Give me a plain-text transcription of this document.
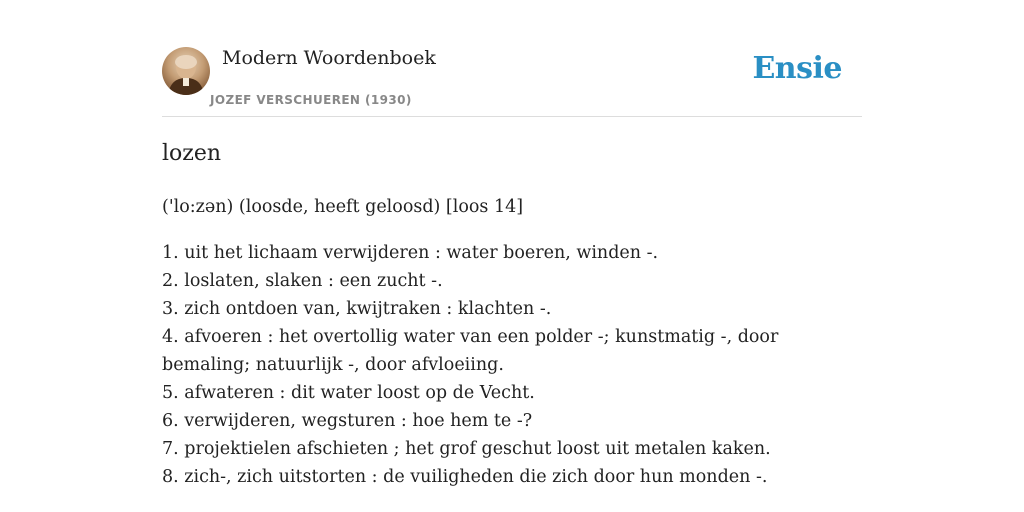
Modern Woordenboek
JOZEF VERSCHUEREN (1930)
Ensie
lozen
('lo:zən) (loosde, heeft geloosd) [loos 14]
1. uit het lichaam verwijderen : water boeren, winden -.
2. loslaten, slaken : een zucht -.
3. zich ontdoen van, kwijtraken : klachten -.
4. afvoeren : het overtollig water van een polder -; kunstmatig -, door bemaling; natuurlijk -, door afvloeiing.
5. afwateren : dit water loost op de Vecht.
6. verwijderen, wegsturen : hoe hem te -?
7. projektielen afschieten ; het grof geschut loost uit metalen kaken.
8. zich-, zich uitstorten : de vuiligheden die zich door hun monden -.
